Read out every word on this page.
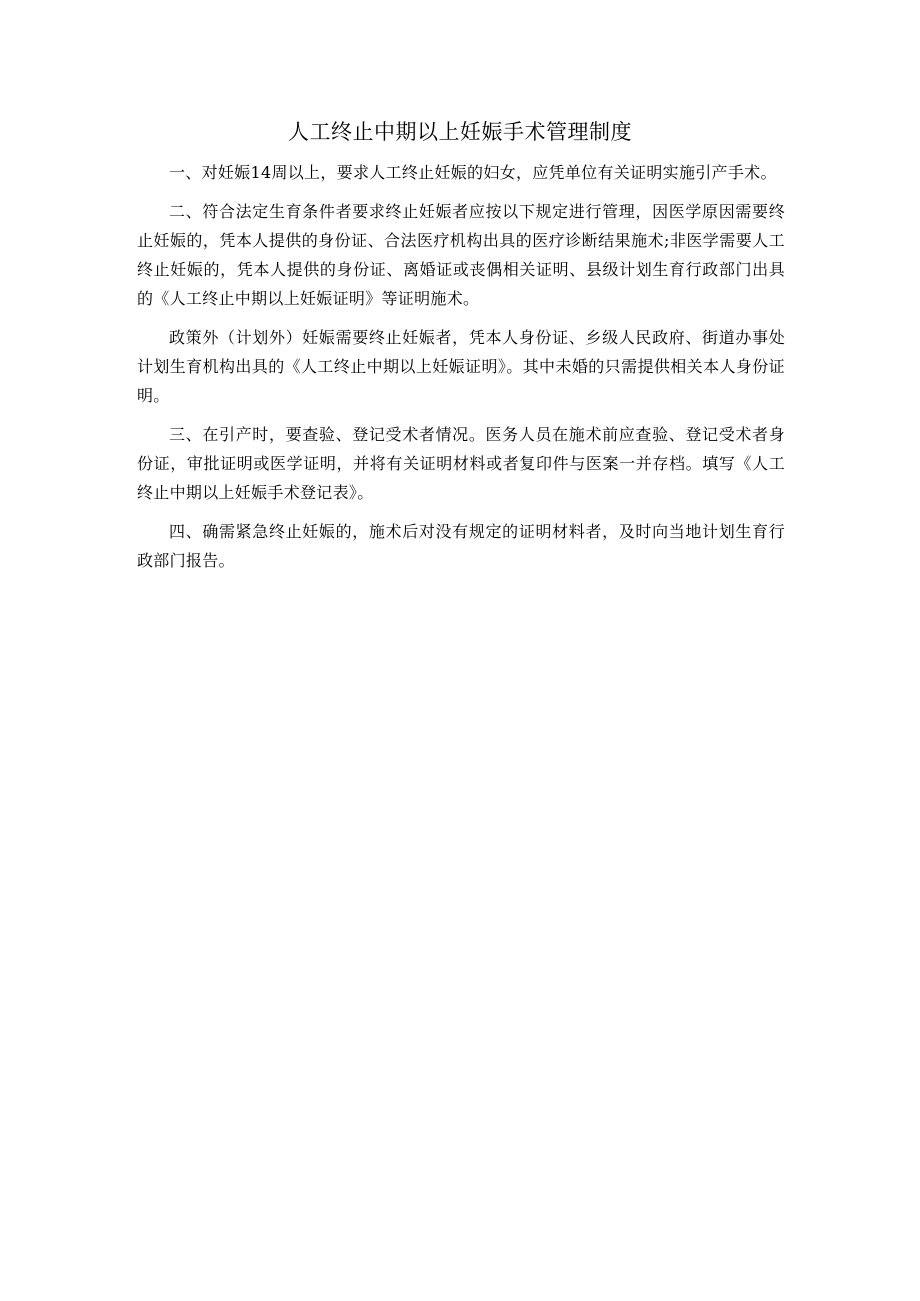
人工终止中期以上妊娠手术管理制度

一、对妊娠14周以上，要求人工终止妊娠的妇女，应凭单位有关证明实施引产手术。

二、符合法定生育条件者要求终止妊娠者应按以下规定进行管理，因医学原因需要终止妊娠的，凭本人提供的身份证、合法医疗机构出具的医疗诊断结果施术;非医学需要人工终止妊娠的，凭本人提供的身份证、离婚证或丧偶相关证明、县级计划生育行政部门出具的《人工终止中期以上妊娠证明》等证明施术。

政策外（计划外）妊娠需要终止妊娠者，凭本人身份证、乡级人民政府、街道办事处计划生育机构出具的《人工终止中期以上妊娠证明》。其中未婚的只需提供相关本人身份证明。

三、在引产时，要查验、登记受术者情况。医务人员在施术前应查验、登记受术者身份证，审批证明或医学证明，并将有关证明材料或者复印件与医案一并存档。填写《人工终止中期以上妊娠手术登记表》。

四、确需紧急终止妊娠的，施术后对没有规定的证明材料者，及时向当地计划生育行政部门报告。
